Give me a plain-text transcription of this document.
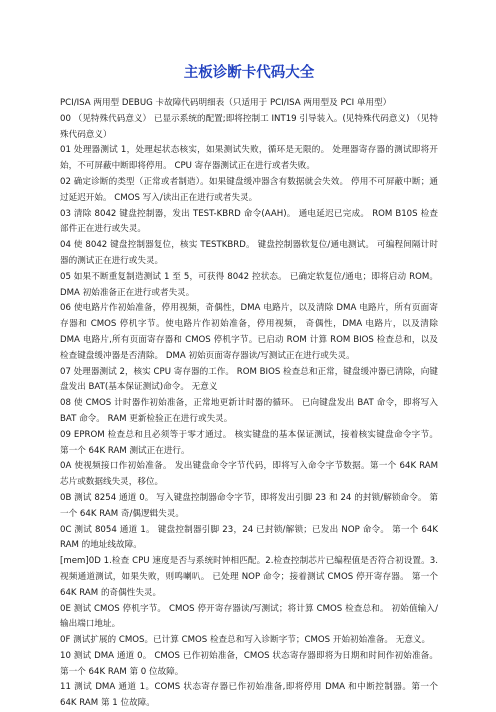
主板诊断卡代码大全

PCI/ISA 两用型 DEBUG 卡故障代码明细表（只适用于 PCI/ISA 两用型及 PCI 单用型）

00 （见特殊代码意义） 已显示系统的配置;即将控制工 INT19 引导装入。(见特殊代码意义) （见特殊代码意义）

01 处理器测试 1，处理起状态核实，如果测试失败，循环是无限的。 处理器寄存器的测试即将开始，不可屏蔽中断即将停用。 CPU 寄存器测试正在进行或者失败。

02 确定诊断的类型（正常或者制造）。如果键盘缓冲器含有数据就会失效。 停用不可屏蔽中断；通过延迟开始。 CMOS 写入/读出正在进行或者失灵。

03 清除 8042 键盘控制器，发出 TEST-KBRD 命令(AAH)。 通电延迟已完成。 ROM B10S 检查部件正在进行或失灵。

04 使 8042 键盘控制器复位，核实 TESTKBRD。 键盘控制器软复位/通电测试。 可编程间隔计时器的测试正在进行或失灵。

05 如果不断重复制造测试 1 至 5，可获得 8042 控状态。 已确定软复位/通电；即将启动 ROM。 DMA 初始准备正在进行或者失灵。

06 使电路片作初始准备，停用视频，奇偶性，DMA 电路片，以及清除 DMA 电路片，所有页面寄存器和 CMOS 停机字节。使电路片作初始准备，停用视频， 奇偶性，DMA 电路片，以及清除 DMA 电路片,所有页面寄存器和 CMOS 停机字节。已启动 ROM 计算 ROM BIOS 检查总和，以及检查键盘缓冲器是否清除。 DMA 初始页面寄存器读/写测试正在进行或失灵。

07 处理器测试 2，核实 CPU 寄存器的工作。 ROM BIOS 检查总和正常，键盘缓冲器已清除，向键盘发出 BAT(基本保证测试)命令。 无意义

08 使 CMOS 计时器作初始准备，正常地更新计时器的循环。 已向键盘发出 BAT 命令，即将写入 BAT 命令。 RAM 更新检验正在进行或失灵。

09 EPROM 检查总和且必须等于零才通过。 核实键盘的基本保证测试，接着核实键盘命令字节。 第一个 64K RAM 测试正在进行。

0A 使视频接口作初始准备。 发出键盘命令字节代码，即将写入命令字节数据。第一个 64K RAM 芯片或数据线失灵，移位。

0B 测试 8254 通道 0。 写入键盘控制器命令字节，即将发出引脚 23 和 24 的封锁/解锁命令。 第一个 64K RAM 奇/偶逻辑失灵。

0C 测试 8054 通道 1。 键盘控制器引脚 23，24 已封锁/解锁；已发出 NOP 命令。 第一个 64K RAM 的地址线故障。

[mem]0D 1.检查 CPU 速度是否与系统时钟相匹配。2.检查控制芯片已编程值是否符合初设置。3.视频通道测试，如果失败，则鸣喇叭。 已处理 NOP 命令；接着测试 CMOS 停开寄存器。 第一个 64K RAM 的奇偶性失灵。

0E 测试 CMOS 停机字节。 CMOS 停开寄存器读/写测试；将计算 CMOS 检查总和。 初始值输入/输出端口地址。

0F 测试扩展的 CMOS。已计算 CMOS 检查总和写入诊断字节；CMOS 开始初始准备。 无意义。

10 测试 DMA 通道 0。 CMOS 已作初始准备，CMOS 状态寄存器即将为日期和时间作初始准备。 第一个 64K RAM 第 0 位故障。

11 测试 DMA 通道 1。COMS 状态寄存器已作初始准备,即将停用 DMA 和中断控制器。第一个 64K RAM 第 1 位故障。
